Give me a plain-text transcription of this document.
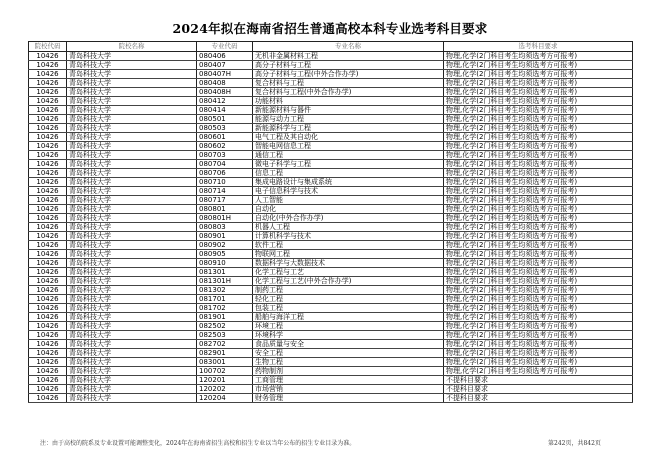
2024年拟在海南省招生普通高校本科专业选考科目要求
院校代码	院校名称	专业代码	专业名称	选考科目要求
10426	青岛科技大学	080406	无机非金属材料工程	物理,化学(2门科目考生均须选考方可报考)
10426	青岛科技大学	080407	高分子材料与工程	物理,化学(2门科目考生均须选考方可报考)
10426	青岛科技大学	080407H	高分子材料与工程(中外合作办学)	物理,化学(2门科目考生均须选考方可报考)
10426	青岛科技大学	080408	复合材料与工程	物理,化学(2门科目考生均须选考方可报考)
10426	青岛科技大学	080408H	复合材料与工程(中外合作办学)	物理,化学(2门科目考生均须选考方可报考)
10426	青岛科技大学	080412	功能材料	物理,化学(2门科目考生均须选考方可报考)
10426	青岛科技大学	080414	新能源材料与器件	物理,化学(2门科目考生均须选考方可报考)
10426	青岛科技大学	080501	能源与动力工程	物理,化学(2门科目考生均须选考方可报考)
10426	青岛科技大学	080503	新能源科学与工程	物理,化学(2门科目考生均须选考方可报考)
10426	青岛科技大学	080601	电气工程及其自动化	物理,化学(2门科目考生均须选考方可报考)
10426	青岛科技大学	080602	智能电网信息工程	物理,化学(2门科目考生均须选考方可报考)
10426	青岛科技大学	080703	通信工程	物理,化学(2门科目考生均须选考方可报考)
10426	青岛科技大学	080704	微电子科学与工程	物理,化学(2门科目考生均须选考方可报考)
10426	青岛科技大学	080706	信息工程	物理,化学(2门科目考生均须选考方可报考)
10426	青岛科技大学	080710	集成电路设计与集成系统	物理,化学(2门科目考生均须选考方可报考)
10426	青岛科技大学	080714	电子信息科学与技术	物理,化学(2门科目考生均须选考方可报考)
10426	青岛科技大学	080717	人工智能	物理,化学(2门科目考生均须选考方可报考)
10426	青岛科技大学	080801	自动化	物理,化学(2门科目考生均须选考方可报考)
10426	青岛科技大学	080801H	自动化(中外合作办学)	物理,化学(2门科目考生均须选考方可报考)
10426	青岛科技大学	080803	机器人工程	物理,化学(2门科目考生均须选考方可报考)
10426	青岛科技大学	080901	计算机科学与技术	物理,化学(2门科目考生均须选考方可报考)
10426	青岛科技大学	080902	软件工程	物理,化学(2门科目考生均须选考方可报考)
10426	青岛科技大学	080905	物联网工程	物理,化学(2门科目考生均须选考方可报考)
10426	青岛科技大学	080910	数据科学与大数据技术	物理,化学(2门科目考生均须选考方可报考)
10426	青岛科技大学	081301	化学工程与工艺	物理,化学(2门科目考生均须选考方可报考)
10426	青岛科技大学	081301H	化学工程与工艺(中外合作办学)	物理,化学(2门科目考生均须选考方可报考)
10426	青岛科技大学	081302	制药工程	物理,化学(2门科目考生均须选考方可报考)
10426	青岛科技大学	081701	轻化工程	物理,化学(2门科目考生均须选考方可报考)
10426	青岛科技大学	081702	包装工程	物理,化学(2门科目考生均须选考方可报考)
10426	青岛科技大学	081901	船舶与海洋工程	物理,化学(2门科目考生均须选考方可报考)
10426	青岛科技大学	082502	环境工程	物理,化学(2门科目考生均须选考方可报考)
10426	青岛科技大学	082503	环境科学	物理,化学(2门科目考生均须选考方可报考)
10426	青岛科技大学	082702	食品质量与安全	物理,化学(2门科目考生均须选考方可报考)
10426	青岛科技大学	082901	安全工程	物理,化学(2门科目考生均须选考方可报考)
10426	青岛科技大学	083001	生物工程	物理,化学(2门科目考生均须选考方可报考)
10426	青岛科技大学	100702	药物制剂	物理,化学(2门科目考生均须选考方可报考)
10426	青岛科技大学	120201	工商管理	不提科目要求
10426	青岛科技大学	120202	市场营销	不提科目要求
10426	青岛科技大学	120204	财务管理	不提科目要求
注：由于高校的院系及专业设置可能调整变化，2024年在海南省招生高校和招生专业以当年公布的招生专业目录为准。	第242页，共842页
